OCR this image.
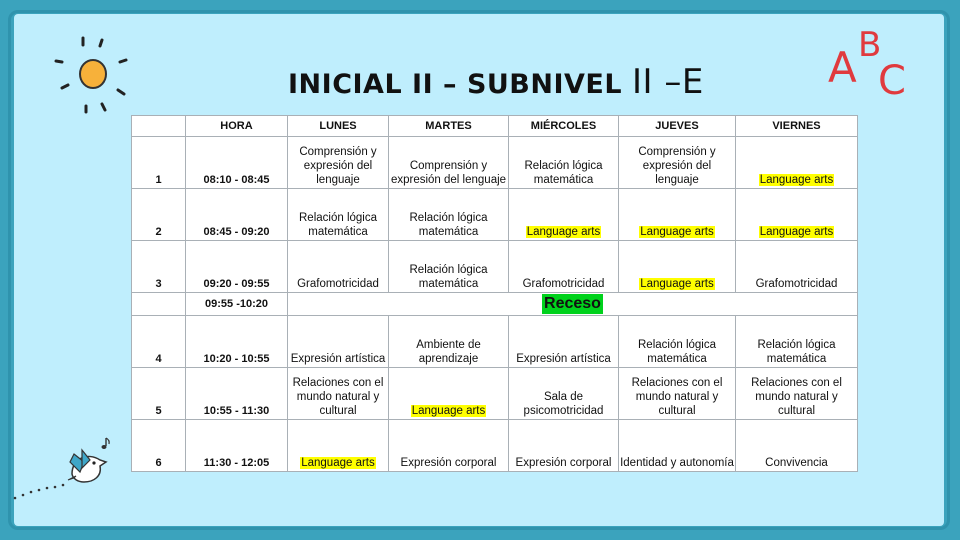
A B
C
INICIAL II – SUBNIVEL II –E
	HORA	LUNES	MARTES	MIÉRCOLES	JUEVES	VIERNES
1	08:10 - 08:45	Comprensión y expresión del lenguaje	Comprensión y expresión del lenguaje	Relación lógica matemática	Comprensión y expresión del lenguaje	Language arts
2	08:45 - 09:20	Relación lógica matemática	Relación lógica matemática	Language arts	Language arts	Language arts
3	09:20 - 09:55	Grafomotricidad	Relación lógica matemática	Grafomotricidad	Language arts	Grafomotricidad
	09:55 -10:20	Receso				
4	10:20 - 10:55	Expresión artística	Ambiente de aprendizaje	Expresión artística	Relación lógica matemática	Relación lógica matemática
5	10:55 - 11:30	Relaciones con el mundo natural y cultural	Language arts	Sala de psicomotricidad	Relaciones con el mundo natural y cultural	Relaciones con el mundo natural y cultural
6	11:30 - 12:05	Language arts	Expresión corporal	Expresión corporal	Identidad y autonomía	Convivencia
